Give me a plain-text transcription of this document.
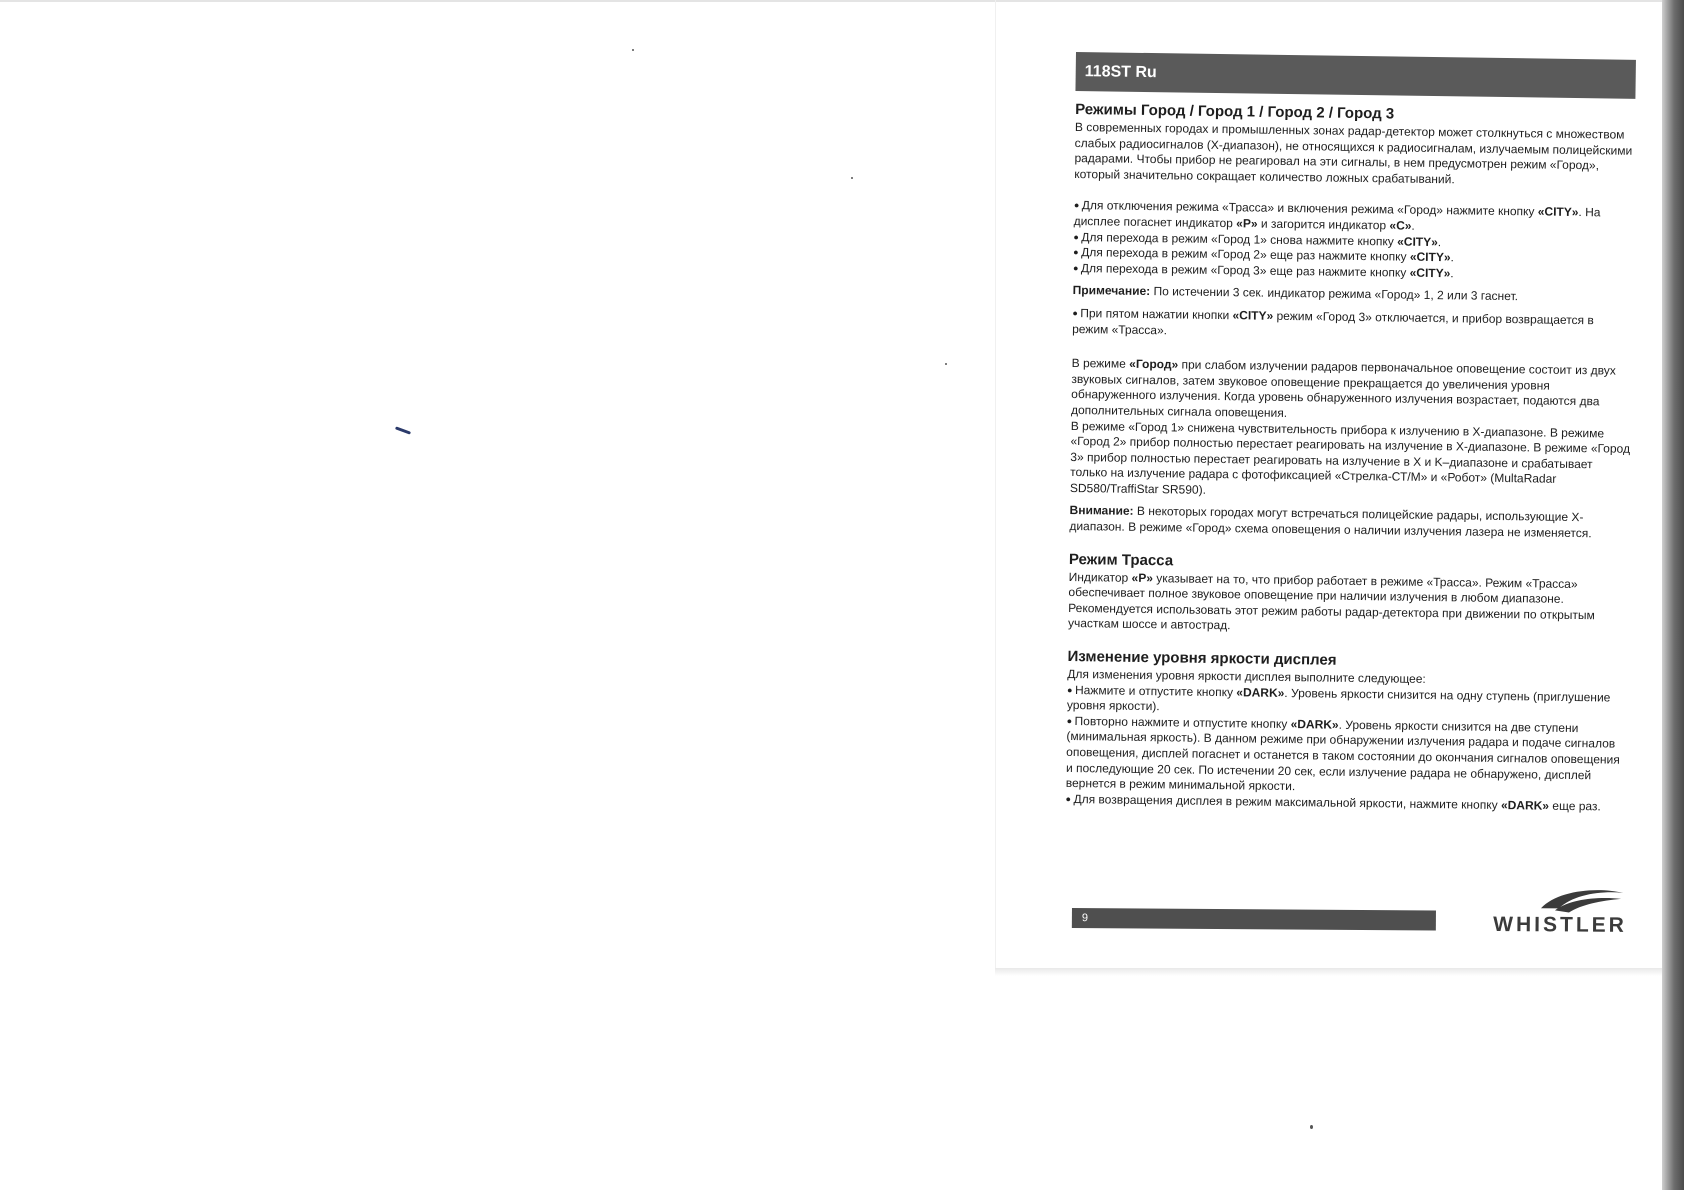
118ST Ru
Режимы Город / Город 1 / Город 2 / Город 3

В современных городах и промышленных зонах радар-детектор может столкнуться с множеством слабых радиосигналов (Х-диапазон), не относящихся к радиосигналам, излучаемым полицейскими радарами. Чтобы прибор не реагировал на эти сигналы, в нем предусмотрен режим «Город», который значительно сокращает количество ложных срабатываний.

● Для отключения режима «Трасса» и включения режима «Город» нажмите кнопку «CITY». На дисплее погаснет индикатор «Р» и загорится индикатор «С».

● Для перехода в режим «Город 1» снова нажмите кнопку «CITY».

● Для перехода в режим «Город 2» еще раз нажмите кнопку «CITY».

● Для перехода в режим «Город 3» еще раз нажмите кнопку «CITY».

Примечание: По истечении 3 сек. индикатор режима «Город» 1, 2 или 3 гаснет.

● При пятом нажатии кнопки «CITY» режим «Город 3» отключается, и прибор возвращается в режим «Трасса».

В режиме «Город» при слабом излучении радаров первоначальное оповещение состоит из двух звуковых сигналов, затем звуковое оповещение прекращается до увеличения уровня обнаруженного излучения. Когда уровень обнаруженного излучения возрастает, подаются два дополнительных сигнала оповещения.

В режиме «Город 1» снижена чувствительность прибора к излучению в X-диапазоне. В режиме «Город 2» прибор полностью перестает реагировать на излучение в X-диапазоне. В режиме «Город 3» прибор полностью перестает реагировать на излучение в X и K–диапазоне и срабатывает только на излучение радара с фотофиксацией «Стрелка-СТ/М» и «Робот» (MultaRadar SD580/TraffiStar SR590).

Внимание: В некоторых городах могут встречаться полицейские радары, использующие X-диапазон. В режиме «Город» схема оповещения о наличии излучения лазера не изменяется.

Режим Трасса

Индикатор «Р» указывает на то, что прибор работает в режиме «Трасса». Режим «Трасса» обеспечивает полное звуковое оповещение при наличии излучения в любом диапазоне. Рекомендуется использовать этот режим работы радар-детектора при движении по открытым участкам шоссе и автострад.

Изменение уровня яркости дисплея

Для изменения уровня яркости дисплея выполните следующее:

● Нажмите и отпустите кнопку «DARK». Уровень яркости снизится на одну ступень (приглушение уровня яркости).

● Повторно нажмите и отпустите кнопку «DARK». Уровень яркости снизится на две ступени (минимальная яркость). В данном режиме при обнаружении излучения радара и подаче сигналов оповещения, дисплей погаснет и останется в таком состоянии до окончания сигналов оповещения и последующие 20 сек. По истечении 20 сек, если излучение радара не обнаружено, дисплей вернется в режим минимальной яркости.

● Для возвращения дисплея в режим максимальной яркости, нажмите кнопку «DARK» еще раз.

9	WHISTLER
